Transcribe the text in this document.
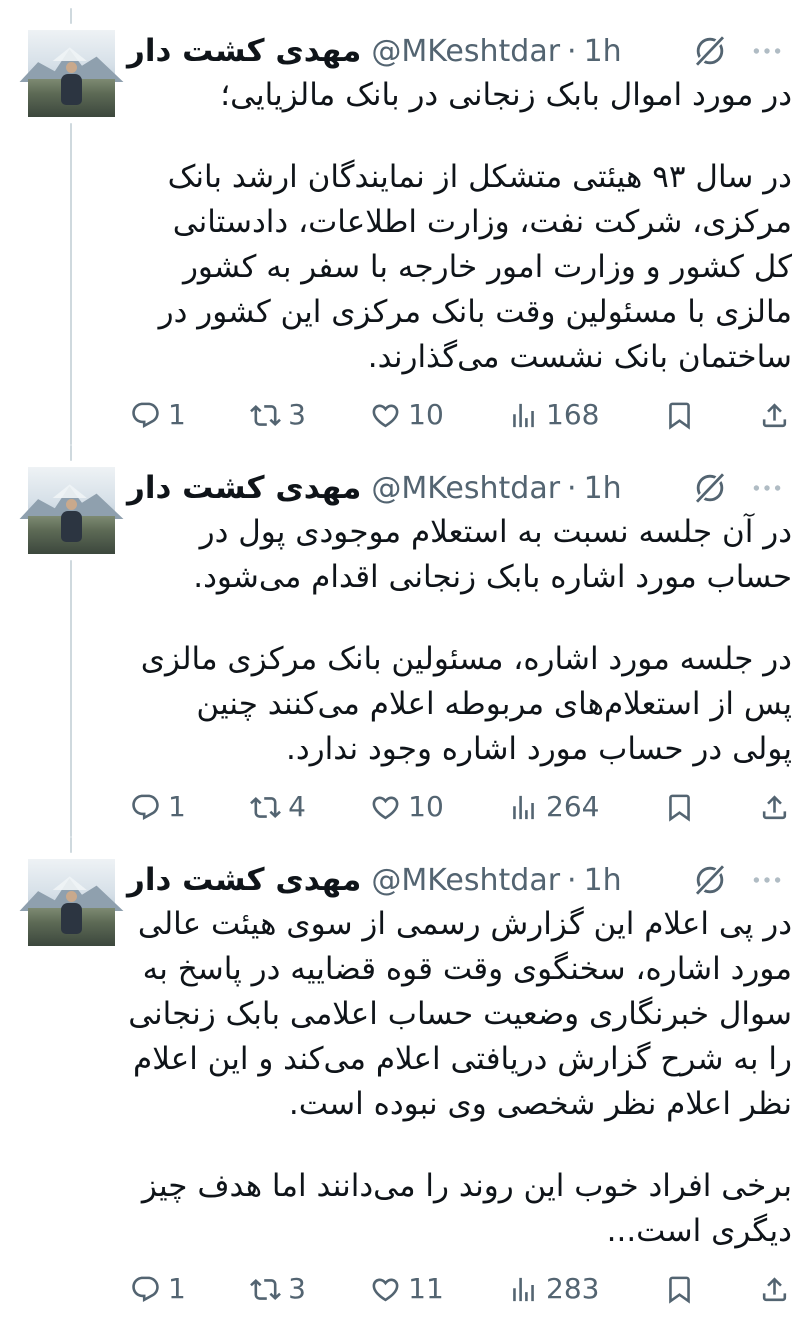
مهدی کشت دار @MKeshtdar · 1h

در مورد اموال بابک زنجانی در بانک مالزیایی؛

در سال ۹۳ هیئتی متشکل از نمایندگان ارشد بانک مرکزی، شرکت نفت، وزارت اطلاعات، دادستانی کل کشور و وزارت امور خارجه با سفر به کشور مالزی با مسئولین وقت بانک مرکزی این کشور در ساختمان بانک نشست می‌گذارند.

1	3	10	168
مهدی کشت دار @MKeshtdar · 1h

در آن جلسه نسبت به استعلام موجودی پول در حساب مورد اشاره بابک زنجانی اقدام می‌شود.

در جلسه مورد اشاره، مسئولین بانک مرکزی مالزی پس از استعلام‌های مربوطه اعلام می‌کنند چنین پولی در حساب مورد اشاره وجود ندارد.

1	4	10	264
مهدی کشت دار @MKeshtdar · 1h

در پی اعلام این گزارش رسمی از سوی هیئت عالی مورد اشاره، سخنگوی وقت قوه قضاییه در پاسخ به سوال خبرنگاری وضعیت حساب اعلامی بابک زنجانی را به شرح گزارش دریافتی اعلام می‌کند و این اعلام نظر اعلام نظر شخصی وی نبوده است.

برخی افراد خوب این روند را می‌دانند اما هدف چیز دیگری است...

1	3	11	283
